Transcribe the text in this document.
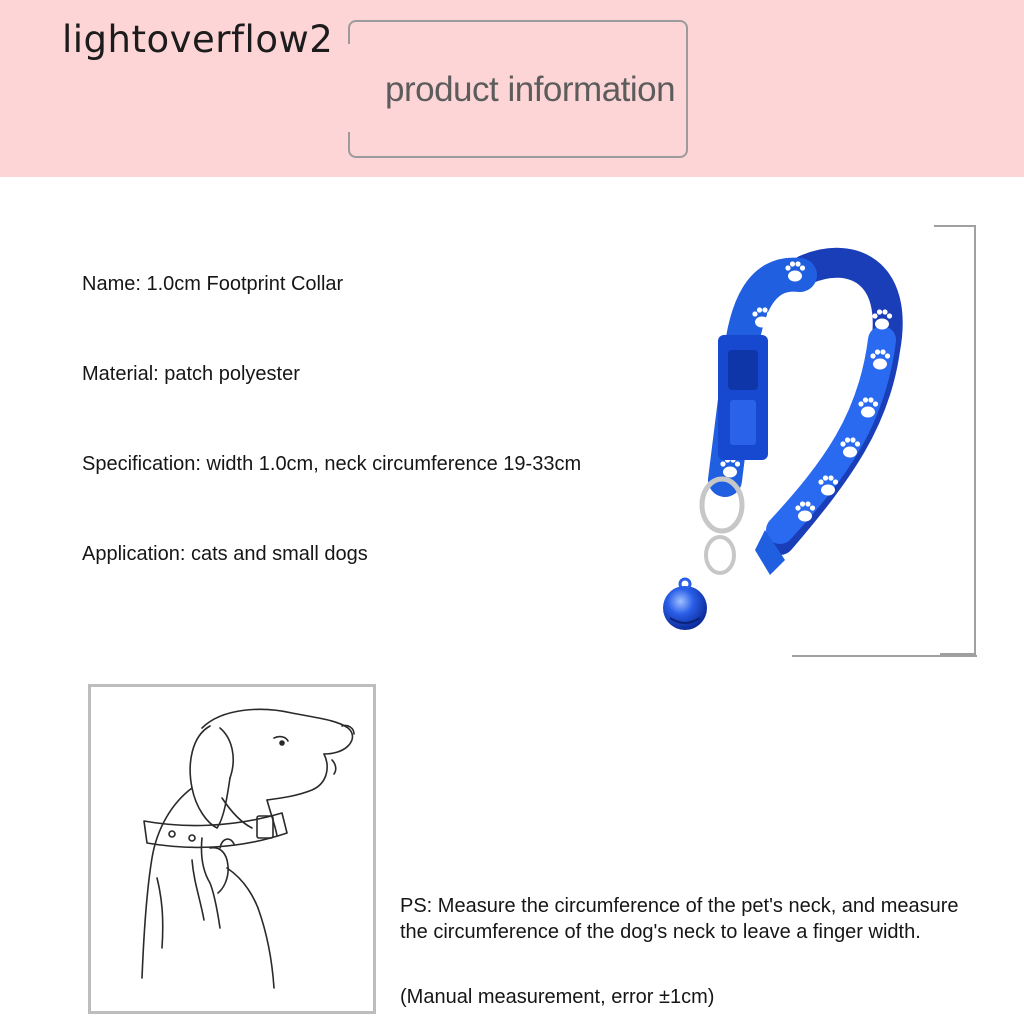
lightoverflow2
product information
Name: 1.0cm Footprint Collar
Material: patch polyester
Specification: width 1.0cm, neck circumference 19-33cm
Application: cats and small dogs
PS: Measure the circumference of the pet's neck, and measure the circumference of the dog's neck to leave a finger width.
(Manual measurement, error ±1cm)
